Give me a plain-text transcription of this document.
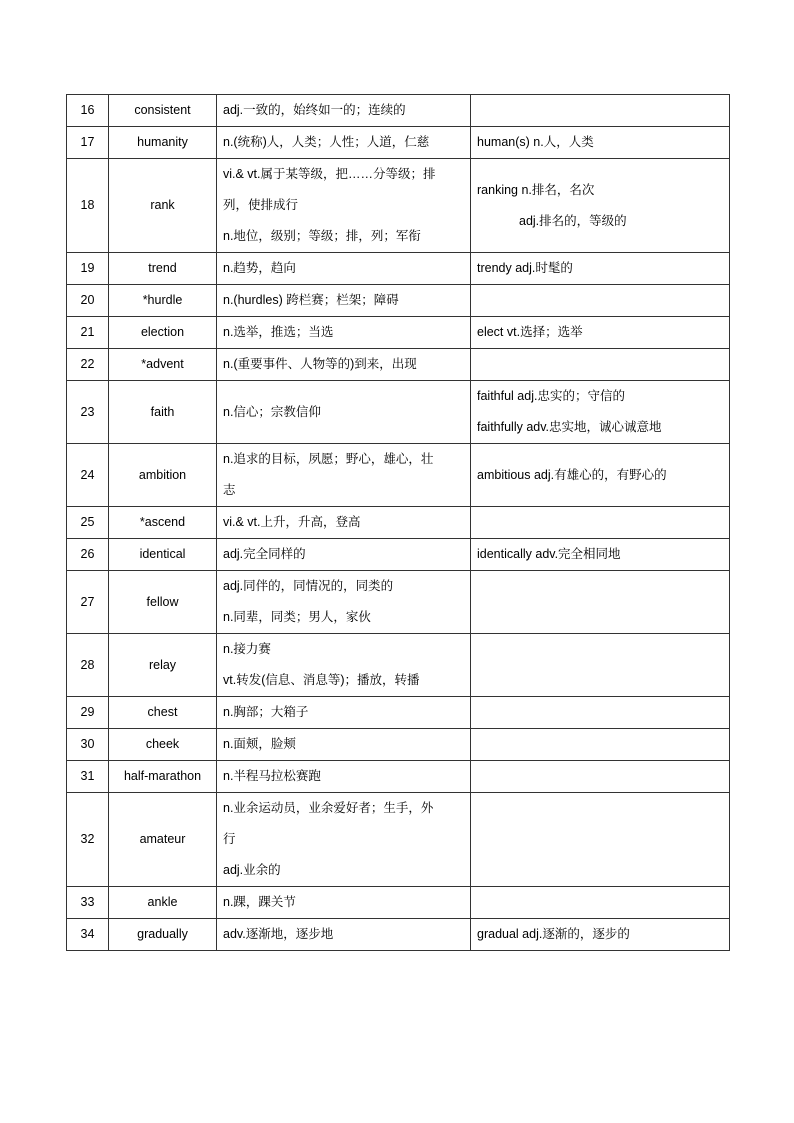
16	consistent	adj.一致的，始终如一的；连续的	

17	humanity	n.(统称)人，人类；人性；人道，仁慈	human(s) n.人，人类

18	rank	vi.& vt.属于某等级，把……分等级；排
列，使排成行
n.地位，级别；等级；排，列；军衔	ranking n.排名，名次
adj.排名的，等级的

19	trend	n.趋势，趋向	trendy adj.时髦的

20	*hurdle	n.(hurdles) 跨栏赛；栏架；障碍	

21	election	n.选举，推选；当选	elect vt.选择；选举

22	*advent	n.(重要事件、人物等的)到来，出现	

23	faith	n.信心；宗教信仰	faithful adj.忠实的；守信的
faithfully adv.忠实地，诚心诚意地

24	ambition	n.追求的目标，夙愿；野心，雄心，壮
志	ambitious adj.有雄心的，有野心的

25	*ascend	vi.& vt.上升，升高，登高	

26	identical	adj.完全同样的	identically adv.完全相同地

27	fellow	adj.同伴的，同情况的，同类的
n.同辈，同类；男人，家伙	

28	relay	n.接力赛
vt.转发(信息、消息等)；播放，转播	

29	chest	n.胸部；大箱子	

30	cheek	n.面颊，脸颊	

31	half-marathon	n.半程马拉松赛跑	

32	amateur	n.业余运动员，业余爱好者；生手，外
行
adj.业余的	

33	ankle	n.踝，踝关节	

34	gradually	adv.逐渐地，逐步地	gradual adj.逐渐的，逐步的
